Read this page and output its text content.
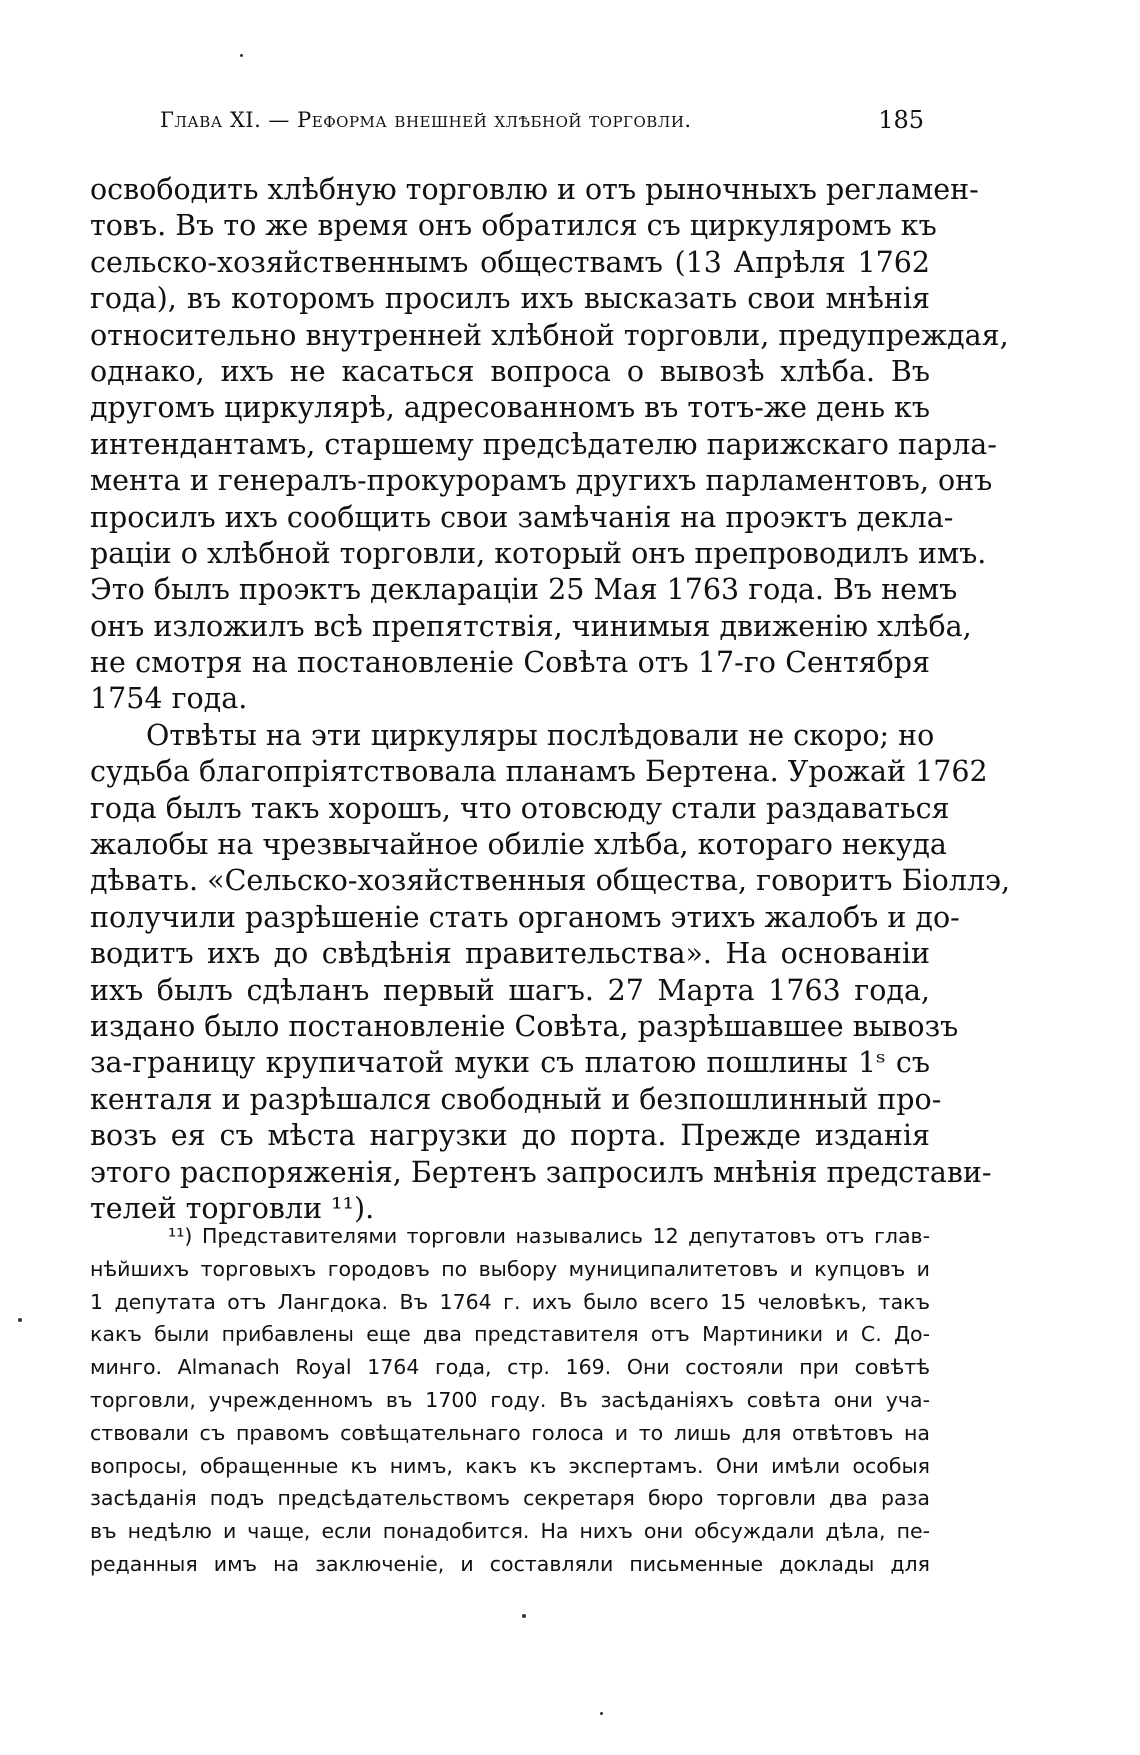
Глава XI. — Реформа внешней хлѣбной торговли.	185
освободить хлѣбную торговлю и отъ рыночныхъ регламен-
товъ. Въ то же время онъ обратился съ циркуляромъ къ
сельско-хозяйственнымъ обществамъ (13 Апрѣля 1762
года), въ которомъ просилъ ихъ высказать свои мнѣнія
относительно внутренней хлѣбной торговли, предупреждая,
однако, ихъ не касаться вопроса о вывозѣ хлѣба. Въ
другомъ циркулярѣ, адресованномъ въ тотъ-же день къ
интендантамъ, старшему предсѣдателю парижскаго парла-
мента и генералъ-прокурорамъ другихъ парламентовъ, онъ
просилъ ихъ сообщить свои замѣчанія на проэктъ декла-
раціи о хлѣбной торговли, который онъ препроводилъ имъ.
Это былъ проэктъ деклараціи 25 Мая 1763 года. Въ немъ
онъ изложилъ всѣ препятствія, чинимыя движенію хлѣба,
не смотря на постановленіе Совѣта отъ 17-го Сентября
1754 года.
Отвѣты на эти циркуляры послѣдовали не скоро; но
судьба благопріятствовала планамъ Бертена. Урожай 1762
года былъ такъ хорошъ, что отовсюду стали раздаваться
жалобы на чрезвычайное обиліе хлѣба, котораго некуда
дѣвать. «Сельско-хозяйственныя общества, говоритъ Біоллэ,
получили разрѣшеніе стать органомъ этихъ жалобъ и до-
водитъ ихъ до свѣдѣнія правительства». На основаніи
ихъ былъ сдѣланъ первый шагъ. 27 Марта 1763 года,
издано было постановленіе Совѣта, разрѣшавшее вывозъ
за-границу крупичатой муки съ платою пошлины 1ˢ съ
кенталя и разрѣшался свободный и безпошлинный про-
возъ ея съ мѣста нагрузки до порта. Прежде изданія
этого распоряженія, Бертенъ запросилъ мнѣнія представи-
телей торговли ¹¹).
¹¹) Представителями торговли назывались 12 депутатовъ отъ глав-
нѣйшихъ торговыхъ городовъ по выбору муниципалитетовъ и купцовъ и
1 депутата отъ Лангдока. Въ 1764 г. ихъ было всего 15 человѣкъ, такъ
какъ были прибавлены еще два представителя отъ Мартиники и С. До-
минго. Almanach Royal 1764 года, стр. 169. Они состояли при совѣтѣ
торговли, учрежденномъ въ 1700 году. Въ засѣданіяхъ совѣта они уча-
ствовали съ правомъ совѣщательнаго голоса и то лишь для отвѣтовъ на
вопросы, обращенные къ нимъ, какъ къ экспертамъ. Они имѣли особыя
засѣданія подъ предсѣдательствомъ секретаря бюро торговли два раза
въ недѣлю и чаще, если понадобится. На нихъ они обсуждали дѣла, пе-
реданныя имъ на заключеніе, и составляли письменные доклады для
